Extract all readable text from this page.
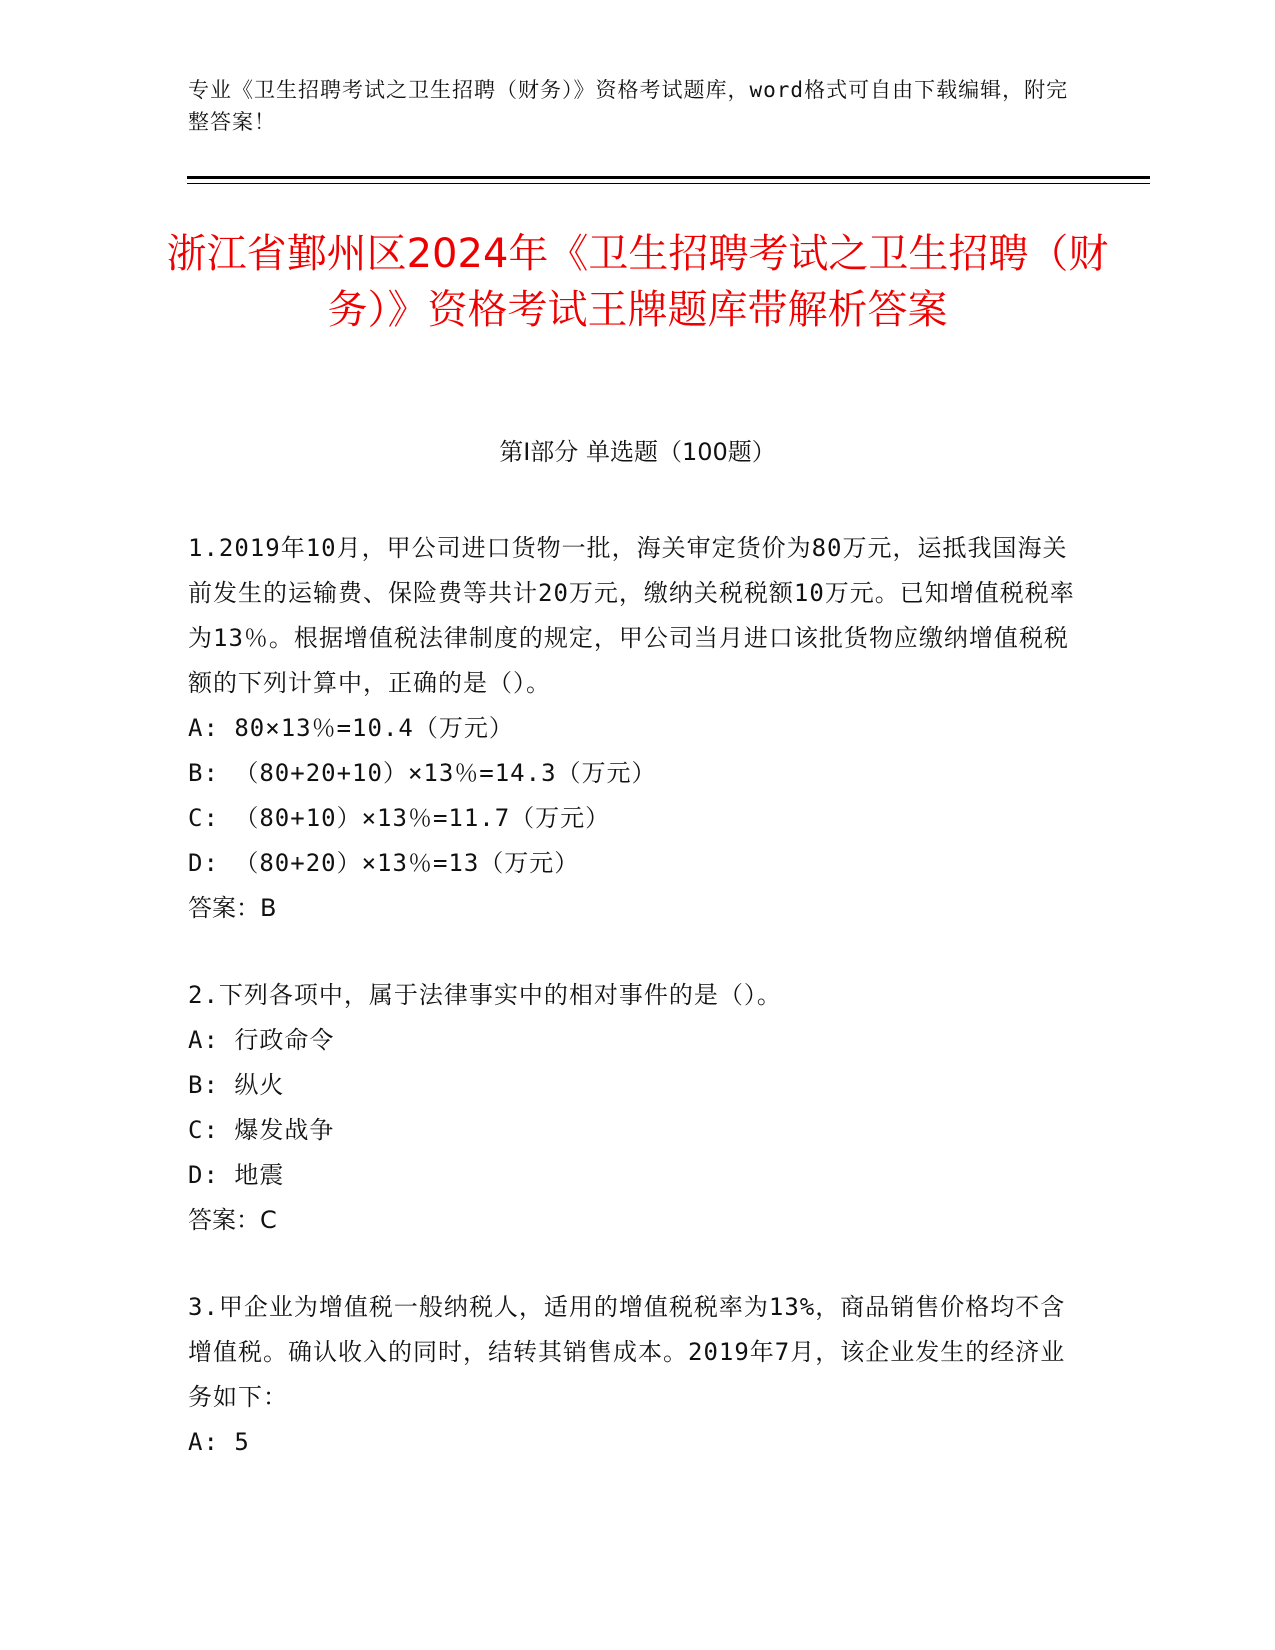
专业《卫生招聘考试之卫生招聘（财务）》资格考试题库，word格式可自由下载编辑，附完整答案！
浙江省鄞州区2024年《卫生招聘考试之卫生招聘（财务）》资格考试王牌题库带解析答案
第Ⅰ部分 单选题（100题）
1.2019年10月，甲公司进口货物一批，海关审定货价为80万元，运抵我国海关前发生的运输费、保险费等共计20万元，缴纳关税税额10万元。已知增值税税率为13％。根据增值税法律制度的规定，甲公司当月进口该批货物应缴纳增值税税额的下列计算中，正确的是（）。
A: 80×13％=10.4（万元）
B: （80+20+10）×13％=14.3（万元）
C: （80+10）×13％=11.7（万元）
D: （80+20）×13％=13（万元）
答案：B
2.下列各项中，属于法律事实中的相对事件的是（）。
A: 行政命令
B: 纵火
C: 爆发战争
D: 地震
答案：C
3.甲企业为增值税一般纳税人，适用的增值税税率为13%，商品销售价格均不含增值税。确认收入的同时，结转其销售成本。2019年7月，该企业发生的经济业务如下：
A: 5
